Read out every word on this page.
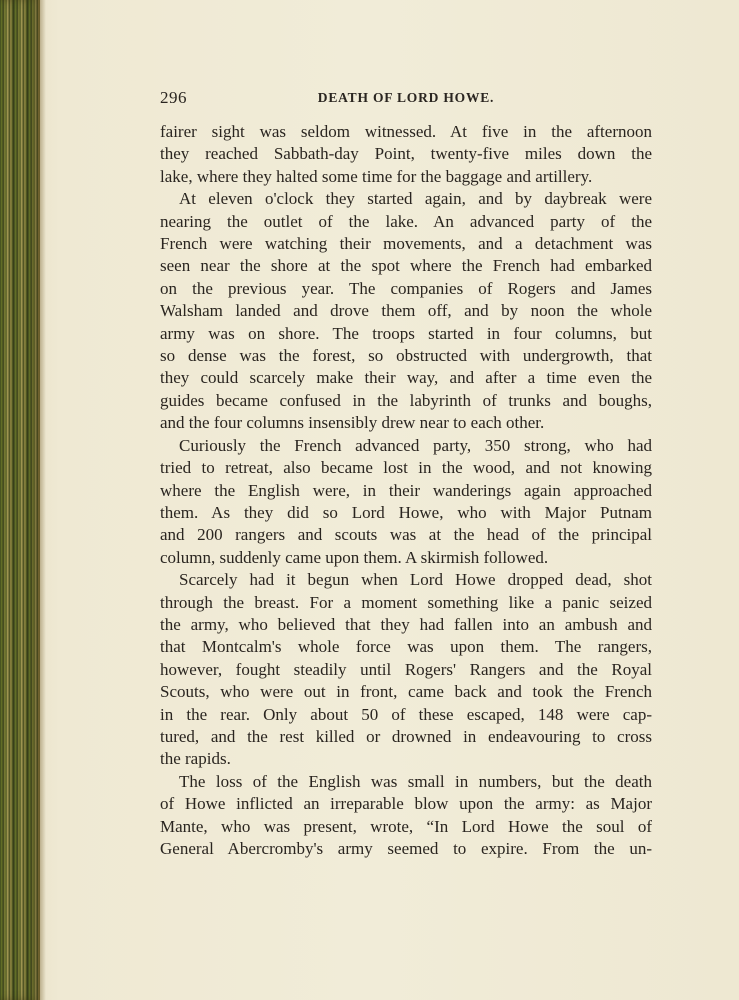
296	DEATH OF LORD HOWE.
fairer sight was seldom witnessed. At five in the afternoon
they reached Sabbath-day Point, twenty-five miles down the
lake, where they halted some time for the baggage and artillery.
At eleven o'clock they started again, and by daybreak were
nearing the outlet of the lake. An advanced party of the
French were watching their movements, and a detachment was
seen near the shore at the spot where the French had embarked
on the previous year. The companies of Rogers and James
Walsham landed and drove them off, and by noon the whole
army was on shore. The troops started in four columns, but
so dense was the forest, so obstructed with undergrowth, that
they could scarcely make their way, and after a time even the
guides became confused in the labyrinth of trunks and boughs,
and the four columns insensibly drew near to each other.
Curiously the French advanced party, 350 strong, who had
tried to retreat, also became lost in the wood, and not knowing
where the English were, in their wanderings again approached
them. As they did so Lord Howe, who with Major Putnam
and 200 rangers and scouts was at the head of the principal
column, suddenly came upon them. A skirmish followed.
Scarcely had it begun when Lord Howe dropped dead, shot
through the breast. For a moment something like a panic seized
the army, who believed that they had fallen into an ambush and
that Montcalm's whole force was upon them. The rangers,
however, fought steadily until Rogers' Rangers and the Royal
Scouts, who were out in front, came back and took the French
in the rear. Only about 50 of these escaped, 148 were cap-
tured, and the rest killed or drowned in endeavouring to cross
the rapids.
The loss of the English was small in numbers, but the death
of Howe inflicted an irreparable blow upon the army: as Major
Mante, who was present, wrote, “In Lord Howe the soul of
General Abercromby's army seemed to expire. From the un-
